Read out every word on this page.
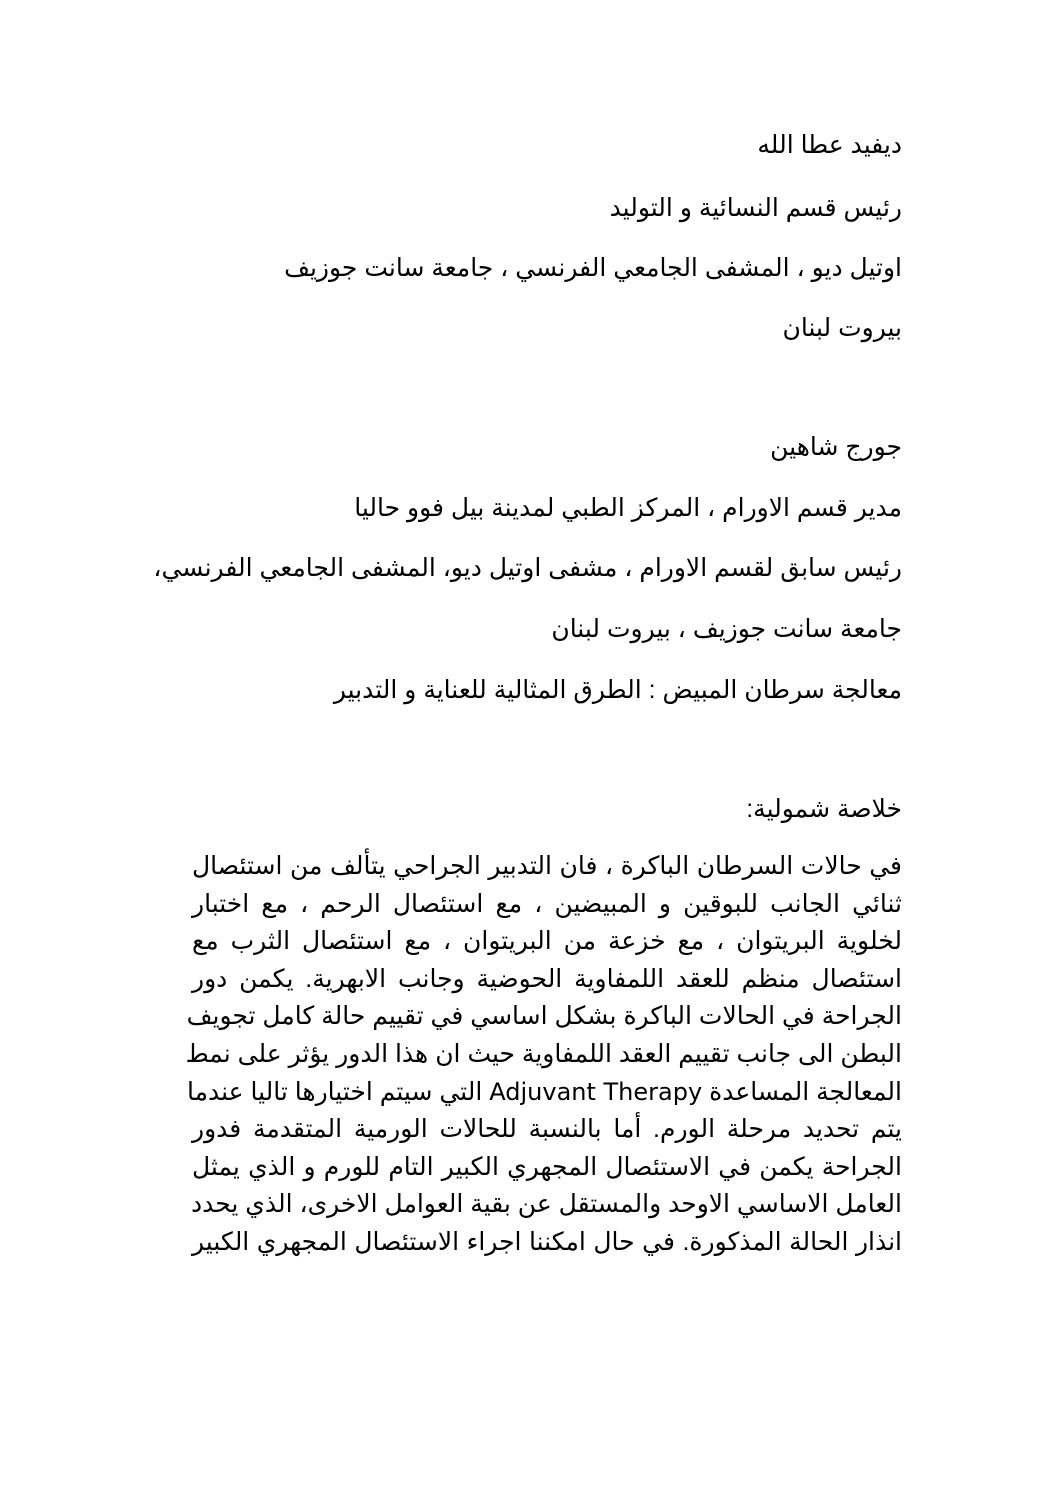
ديفيد عطا الله
رئيس قسم النسائية و التوليد
اوتيل ديو ، المشفى الجامعي الفرنسي ، جامعة سانت جوزيف
بيروت لبنان
جورج شاهين
مدير قسم الاورام ، المركز الطبي لمدينة بيل فوو حاليا
رئيس سابق لقسم الاورام ، مشفى اوتيل ديو، المشفى الجامعي الفرنسي،
جامعة سانت جوزيف ، بيروت لبنان
معالجة سرطان المبيض : الطرق المثالية للعناية و التدبير
خلاصة شمولية:
في حالات السرطان الباكرة ، فان التدبير الجراحي يتألف من استئصال
ثنائي الجانب للبوقين و المبيضين ، مع استئصال الرحم ، مع اختبار
لخلوية البريتوان ، مع خزعة من البريتوان ، مع استئصال الثرب مع
استئصال منظم للعقد اللمفاوية الحوضية وجانب الابهرية. يكمن دور
الجراحة في الحالات الباكرة بشكل اساسي في تقييم حالة كامل تجويف
البطن الى جانب تقييم العقد اللمفاوية حيث ان هذا الدور يؤثر على نمط
المعالجة المساعدة Adjuvant Therapy التي سيتم اختيارها تاليا عندما
يتم تحديد مرحلة الورم. أما بالنسبة للحالات الورمية المتقدمة فدور
الجراحة يكمن في الاستئصال المجهري الكبير التام للورم و الذي يمثل
العامل الاساسي الاوحد والمستقل عن بقية العوامل الاخرى، الذي يحدد
انذار الحالة المذكورة. في حال امكننا اجراء الاستئصال المجهري الكبير
